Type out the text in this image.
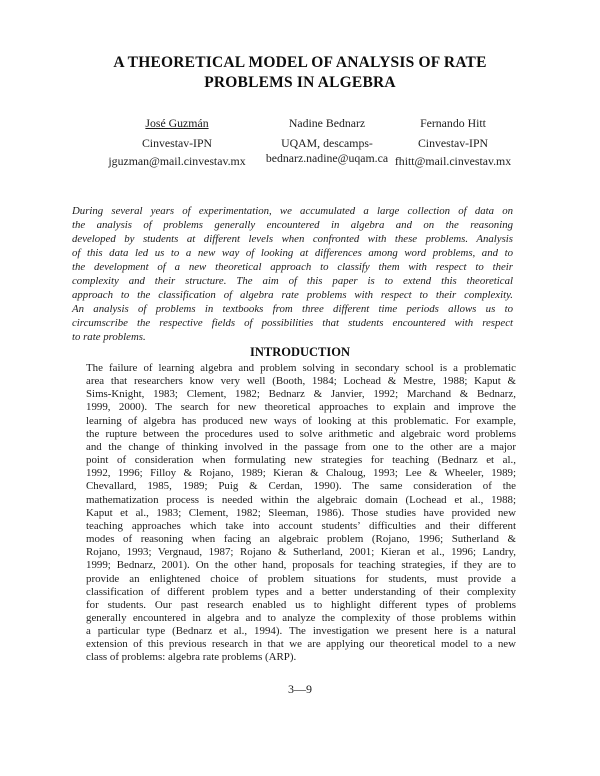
A THEORETICAL MODEL OF ANALYSIS OF RATE
PROBLEMS IN ALGEBRA
José Guzmán
Cinvestav-IPN
jguzman@mail.cinvestav.mx
Nadine Bednarz
UQAM, descamps-
bednarz.nadine@uqam.ca
Fernando Hitt
Cinvestav-IPN
fhitt@mail.cinvestav.mx
During several years of experimentation, we accumulated a large collection of data on
the analysis of problems generally encountered in algebra and on the reasoning
developed by students at different levels when confronted with these problems. Analysis
of this data led us to a new way of looking at differences among word problems, and to
the development of a new theoretical approach to classify them with respect to their
complexity and their structure. The aim of this paper is to extend this theoretical
approach to the classification of algebra rate problems with respect to their complexity.
An analysis of problems in textbooks from three different time periods allows us to
circumscribe the respective fields of possibilities that students encountered with respect
to rate problems.
INTRODUCTION
The failure of learning algebra and problem solving in secondary school is a problematic
area that researchers know very well (Booth, 1984; Lochead & Mestre, 1988; Kaput &
Sims-Knight, 1983; Clement, 1982; Bednarz & Janvier, 1992; Marchand & Bednarz,
1999, 2000). The search for new theoretical approaches to explain and improve the
learning of algebra has produced new ways of looking at this problematic. For example,
the rupture between the procedures used to solve arithmetic and algebraic word problems
and the change of thinking involved in the passage from one to the other are a major
point of consideration when formulating new strategies for teaching (Bednarz et al.,
1992, 1996; Filloy & Rojano, 1989; Kieran & Chaloug, 1993; Lee & Wheeler, 1989;
Chevallard, 1985, 1989; Puig & Cerdan, 1990). The same consideration of the
mathematization process is needed within the algebraic domain (Lochead et al., 1988;
Kaput et al., 1983; Clement, 1982; Sleeman, 1986). Those studies have provided new
teaching approaches which take into account students’ difficulties and their different
modes of reasoning when facing an algebraic problem (Rojano, 1996; Sutherland &
Rojano, 1993; Vergnaud, 1987; Rojano & Sutherland, 2001; Kieran et al., 1996; Landry,
1999; Bednarz, 2001). On the other hand, proposals for teaching strategies, if they are to
provide an enlightened choice of problem situations for students, must provide a
classification of different problem types and a better understanding of their complexity
for students. Our past research enabled us to highlight different types of problems
generally encountered in algebra and to analyze the complexity of those problems within
a particular type (Bednarz et al., 1994). The investigation we present here is a natural
extension of this previous research in that we are applying our theoretical model to a new
class of problems: algebra rate problems (ARP).
3—9
